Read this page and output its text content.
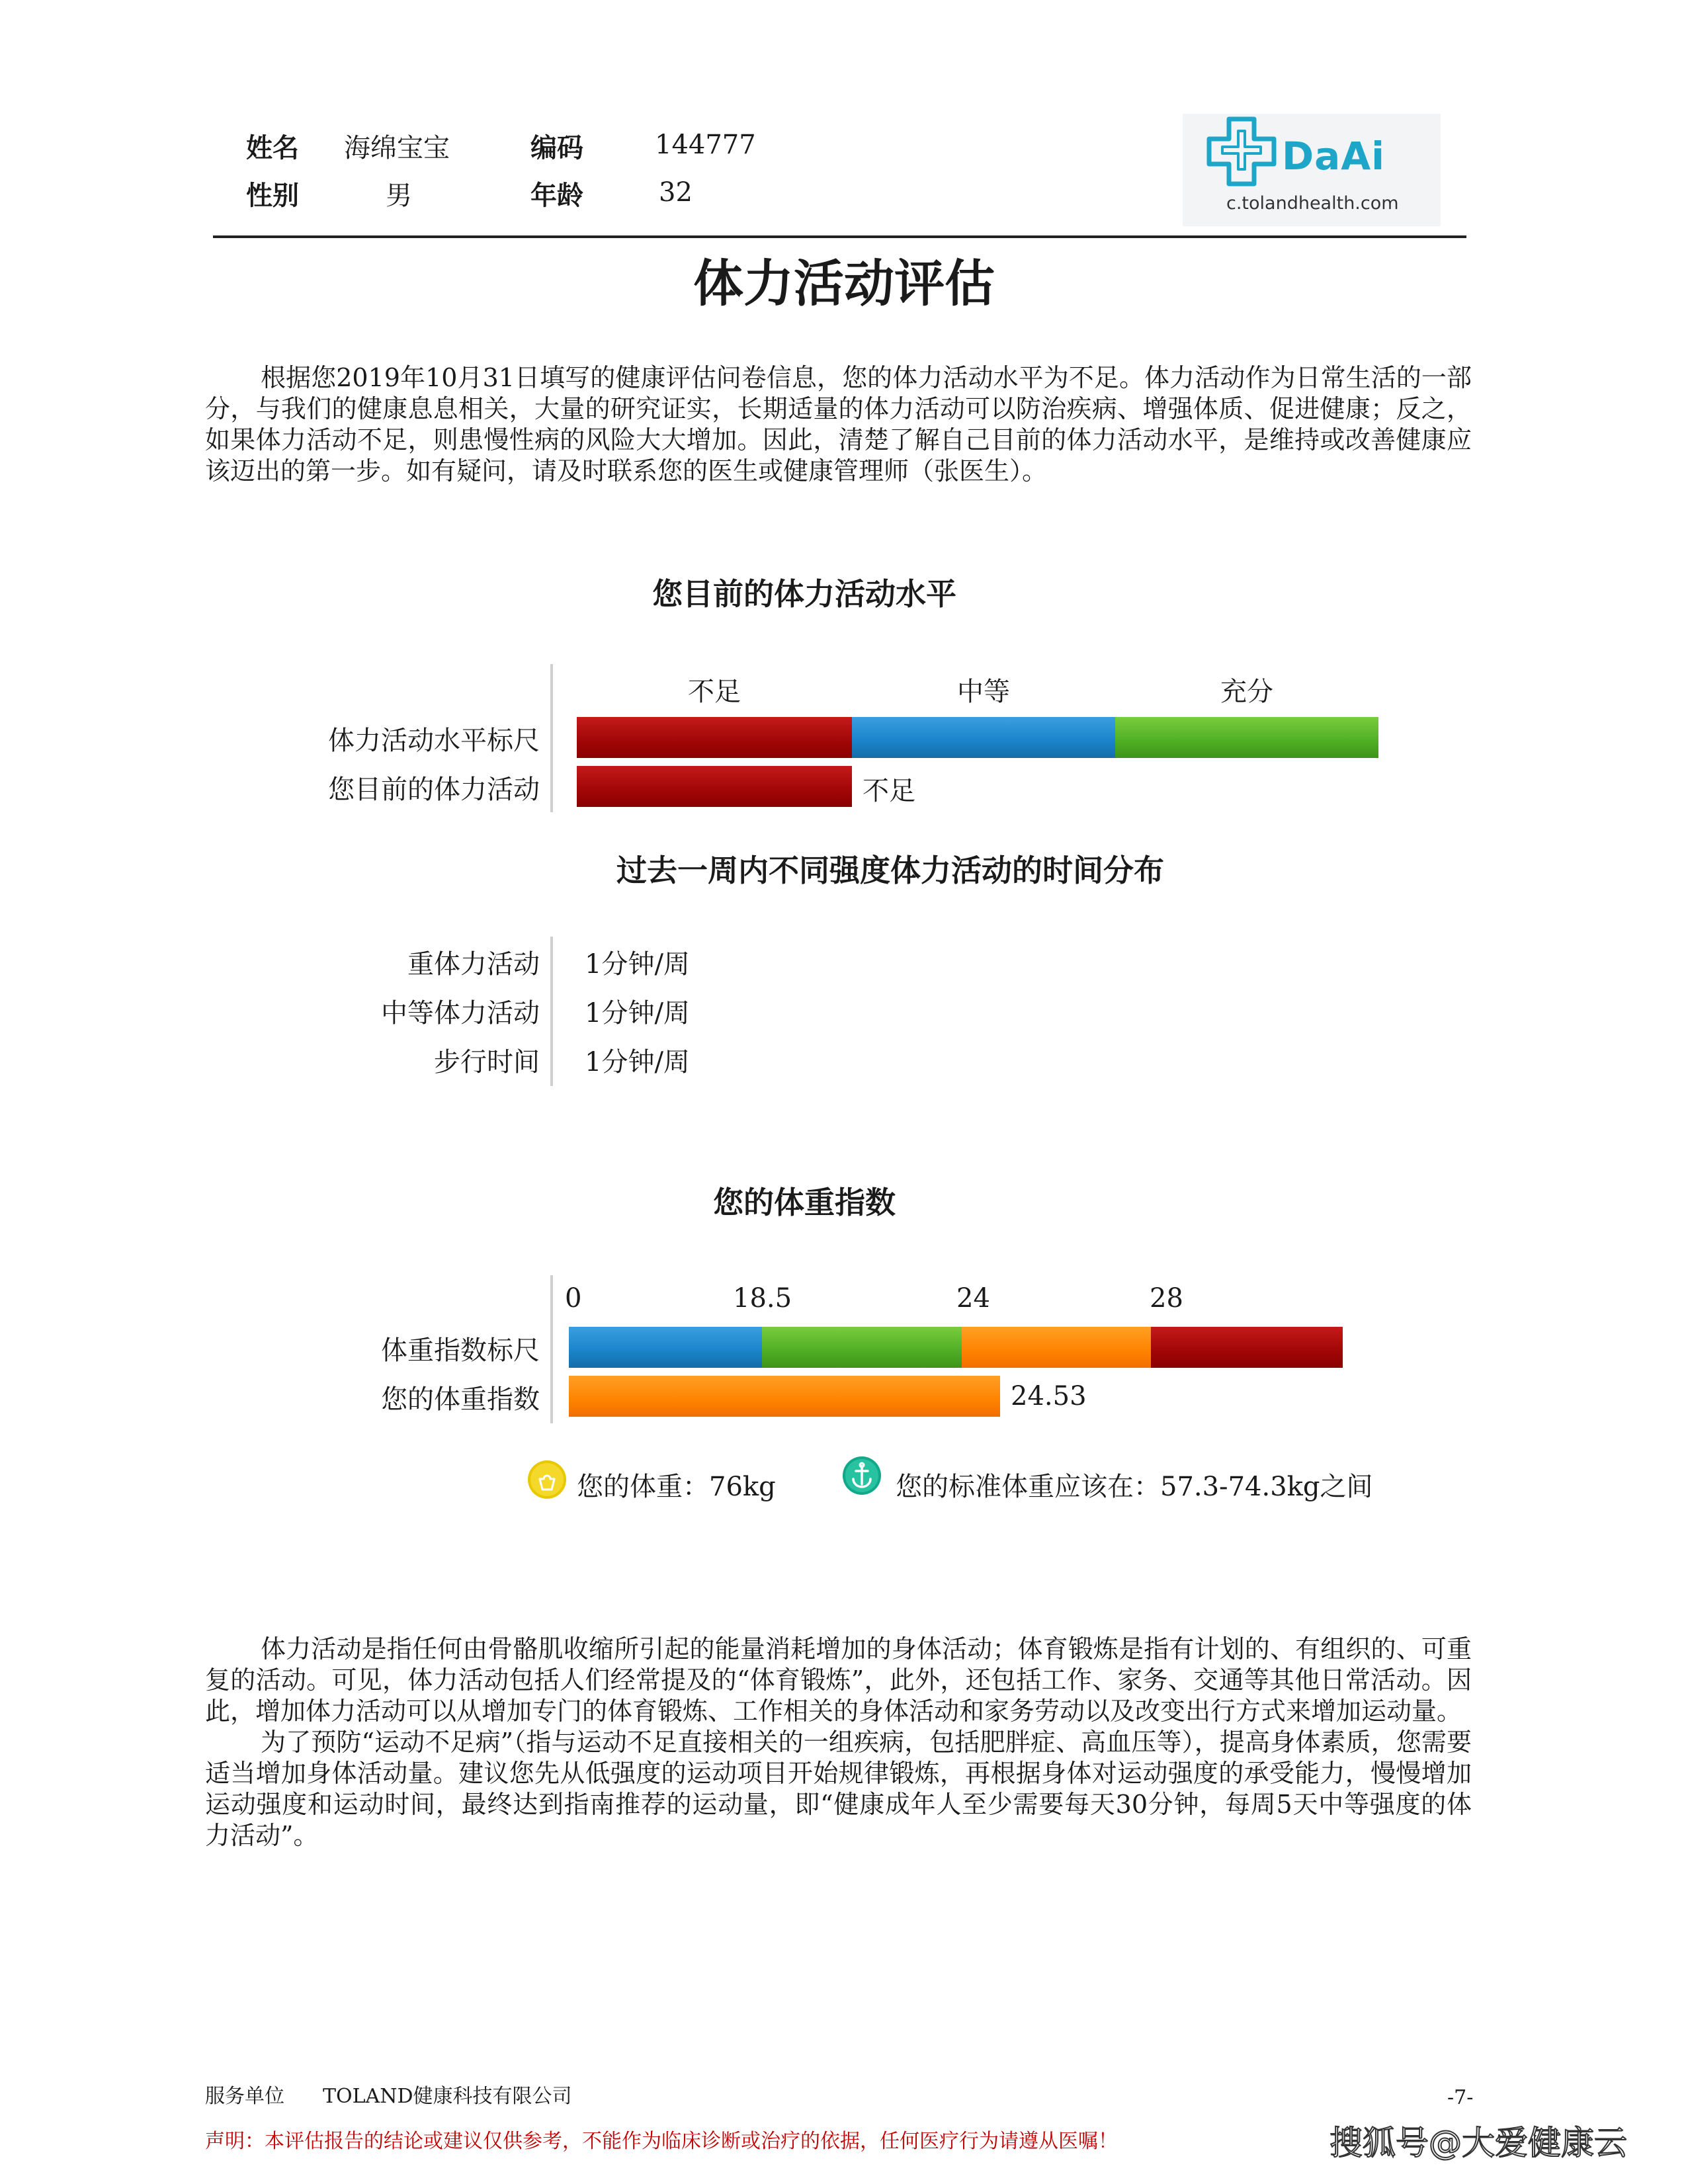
姓名 海绵宝宝	编码	144777
性别	男	年龄	32
DaAi
c.tolandhealth.com
体力活动评估

根据您2019年10月31日填写的健康评估问卷信息，您的体力活动水平为不足。体力活动作为日常生活的一部分，与我们的健康息息相关，大量的研究证实，长期适量的体力活动可以防治疾病、增强体质、促进健康；反之，如果体力活动不足，则患慢性病的风险大大增加。因此，清楚了解自己目前的体力活动水平，是维持或改善健康应该迈出的第一步。如有疑问，请及时联系您的医生或健康管理师（张医生）。

您目前的体力活动水平
不足	中等	充分
体力活动水平标尺
您目前的体力活动	不足
过去一周内不同强度体力活动的时间分布
重体力活动 1分钟/周
中等体力活动 1分钟/周
步行时间 1分钟/周
您的体重指数
0	18.5	24	28
体重指数标尺
您的体重指数	24.53
您的体重：76kg	您的标准体重应该在：57.3-74.3kg之间

体力活动是指任何由骨骼肌收缩所引起的能量消耗增加的身体活动；体育锻炼是指有计划的、有组织的、可重复的活动。可见，体力活动包括人们经常提及的“体育锻炼”，此外，还包括工作、家务、交通等其他日常活动。因此，增加体力活动可以从增加专门的体育锻炼、工作相关的身体活动和家务劳动以及改变出行方式来增加运动量。

为了预防“运动不足病”（指与运动不足直接相关的一组疾病，包括肥胖症、高血压等），提高身体素质，您需要适当增加身体活动量。建议您先从低强度的运动项目开始规律锻炼，再根据身体对运动强度的承受能力，慢慢增加运动强度和运动时间，最终达到指南推荐的运动量，即“健康成年人至少需要每天30分钟，每周5天中等强度的体力活动”。

服务单位 TOLAND健康科技有限公司	-7-
声明：本评估报告的结论或建议仅供参考，不能作为临床诊断或治疗的依据，任何医疗行为请遵从医嘱！	搜狐号@大爱健康云
